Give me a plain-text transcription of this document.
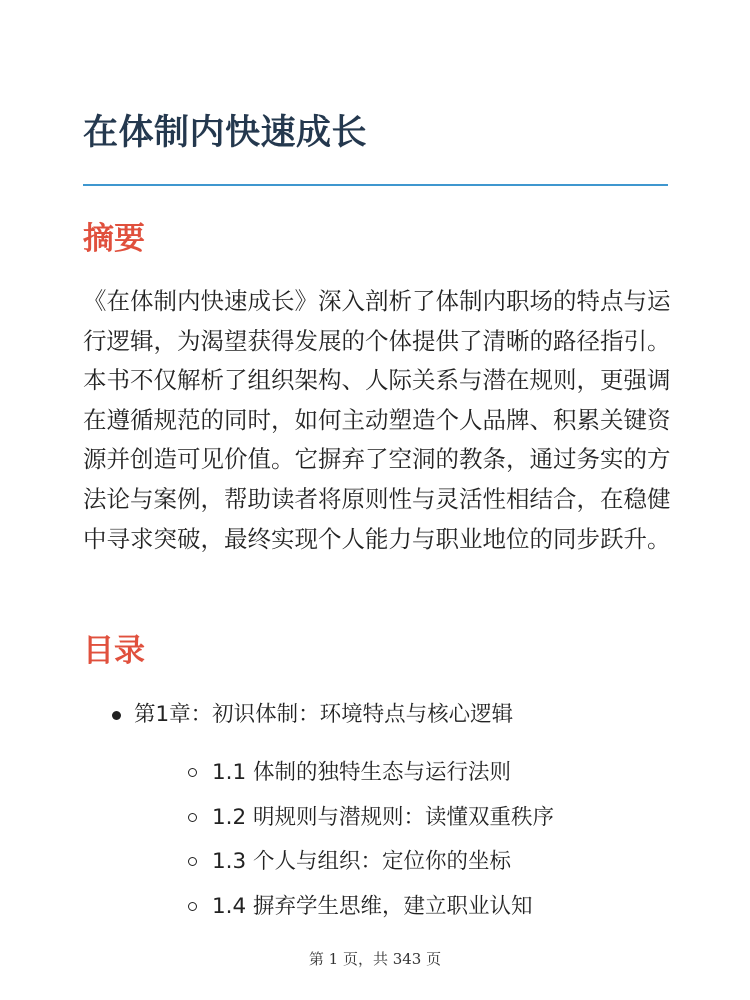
在体制内快速成长
摘要

《在体制内快速成长》深入剖析了体制内职场的特点与运行逻辑，为渴望获得发展的个体提供了清晰的路径指引。本书不仅解析了组织架构、人际关系与潜在规则，更强调在遵循规范的同时，如何主动塑造个人品牌、积累关键资源并创造可见价值。它摒弃了空洞的教条，通过务实的方法论与案例，帮助读者将原则性与灵活性相结合，在稳健中寻求突破，最终实现个人能力与职业地位的同步跃升。

目录
第1章：初识体制：环境特点与核心逻辑
1.1 体制的独特生态与运行法则
1.2 明规则与潜规则：读懂双重秩序
1.3 个人与组织：定位你的坐标
1.4 摒弃学生思维，建立职业认知
第 1 页，共 343 页
